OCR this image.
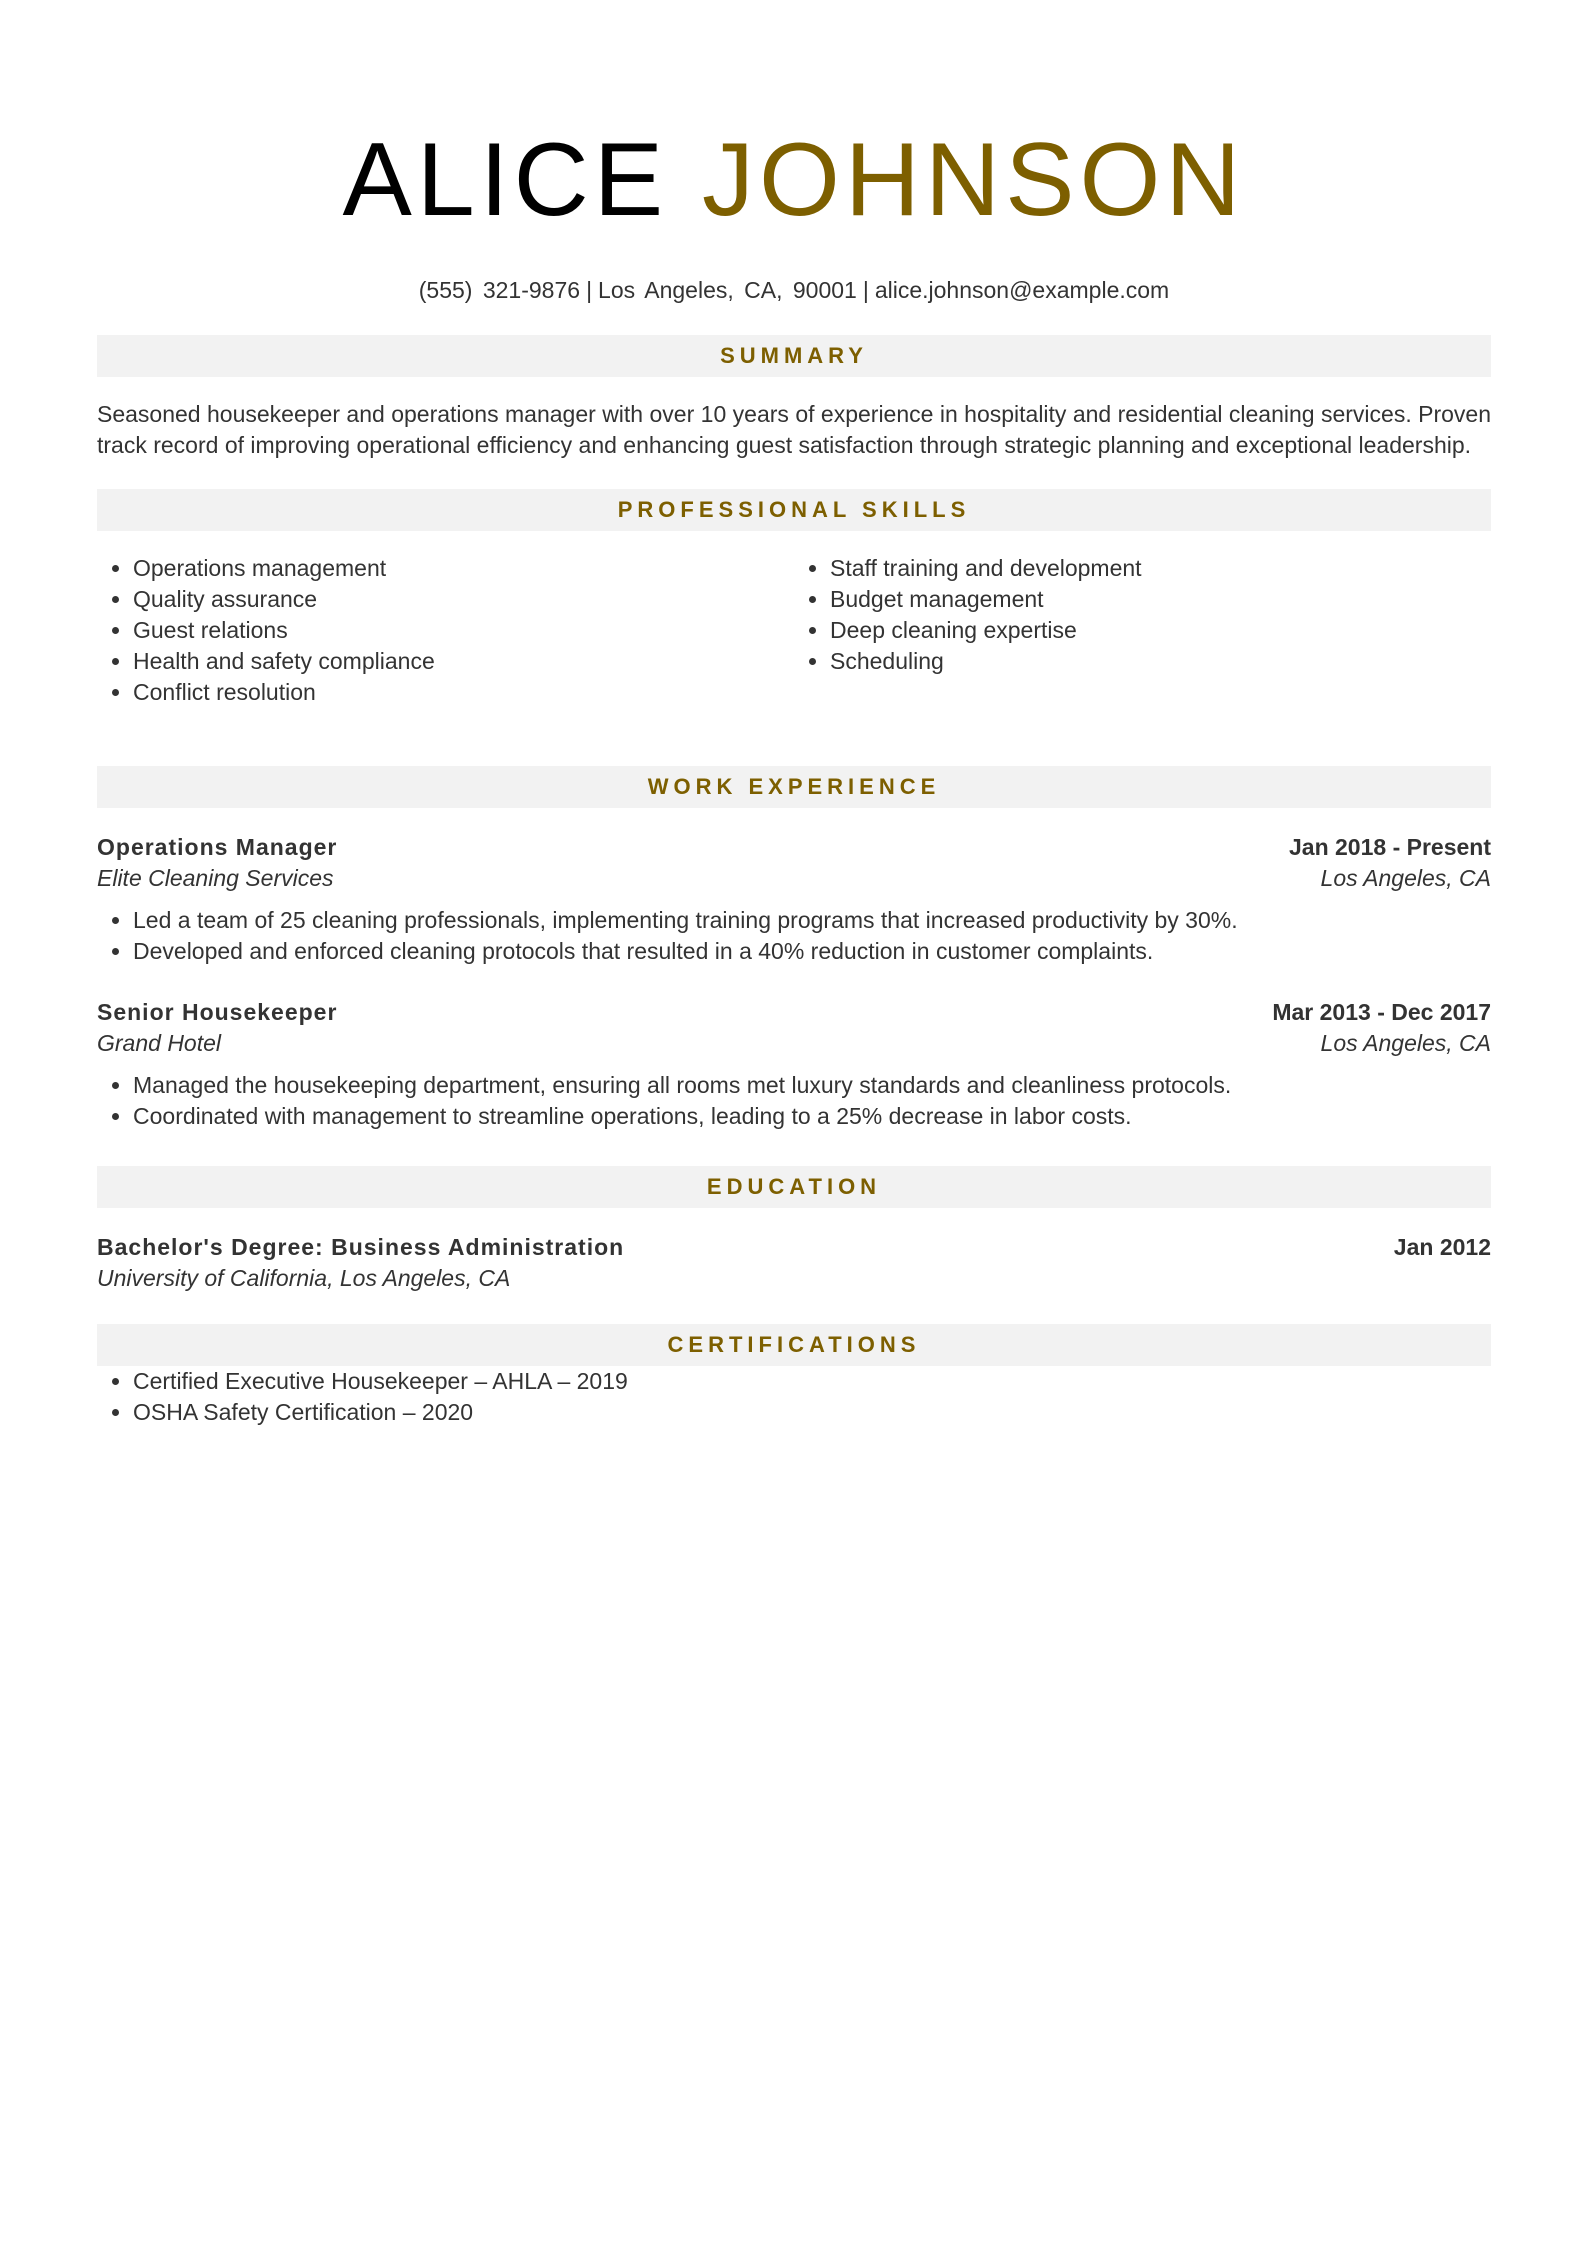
ALICE JOHNSON
(555) 321-9876 | Los Angeles, CA, 90001 | alice.johnson@example.com
SUMMARY

Seasoned housekeeper and operations manager with over 10 years of experience in hospitality and residential cleaning services. Proven track record of improving operational efficiency and enhancing guest satisfaction through strategic planning and exceptional leadership.

PROFESSIONAL SKILLS
• Operations management
• Quality assurance
• Guest relations
• Health and safety compliance
• Conflict resolution
• Staff training and development
• Budget management
• Deep cleaning expertise
• Scheduling
WORK EXPERIENCE
Operations Manager	Jan 2018 - Present
Elite Cleaning Services	Los Angeles, CA
• Led a team of 25 cleaning professionals, implementing training programs that increased productivity by 30%.
• Developed and enforced cleaning protocols that resulted in a 40% reduction in customer complaints.
Senior Housekeeper	Mar 2013 - Dec 2017
Grand Hotel	Los Angeles, CA
• Managed the housekeeping department, ensuring all rooms met luxury standards and cleanliness protocols.
• Coordinated with management to streamline operations, leading to a 25% decrease in labor costs.
EDUCATION
Bachelor's Degree: Business Administration	Jan 2012
University of California, Los Angeles, CA
CERTIFICATIONS
• Certified Executive Housekeeper – AHLA – 2019
• OSHA Safety Certification – 2020
